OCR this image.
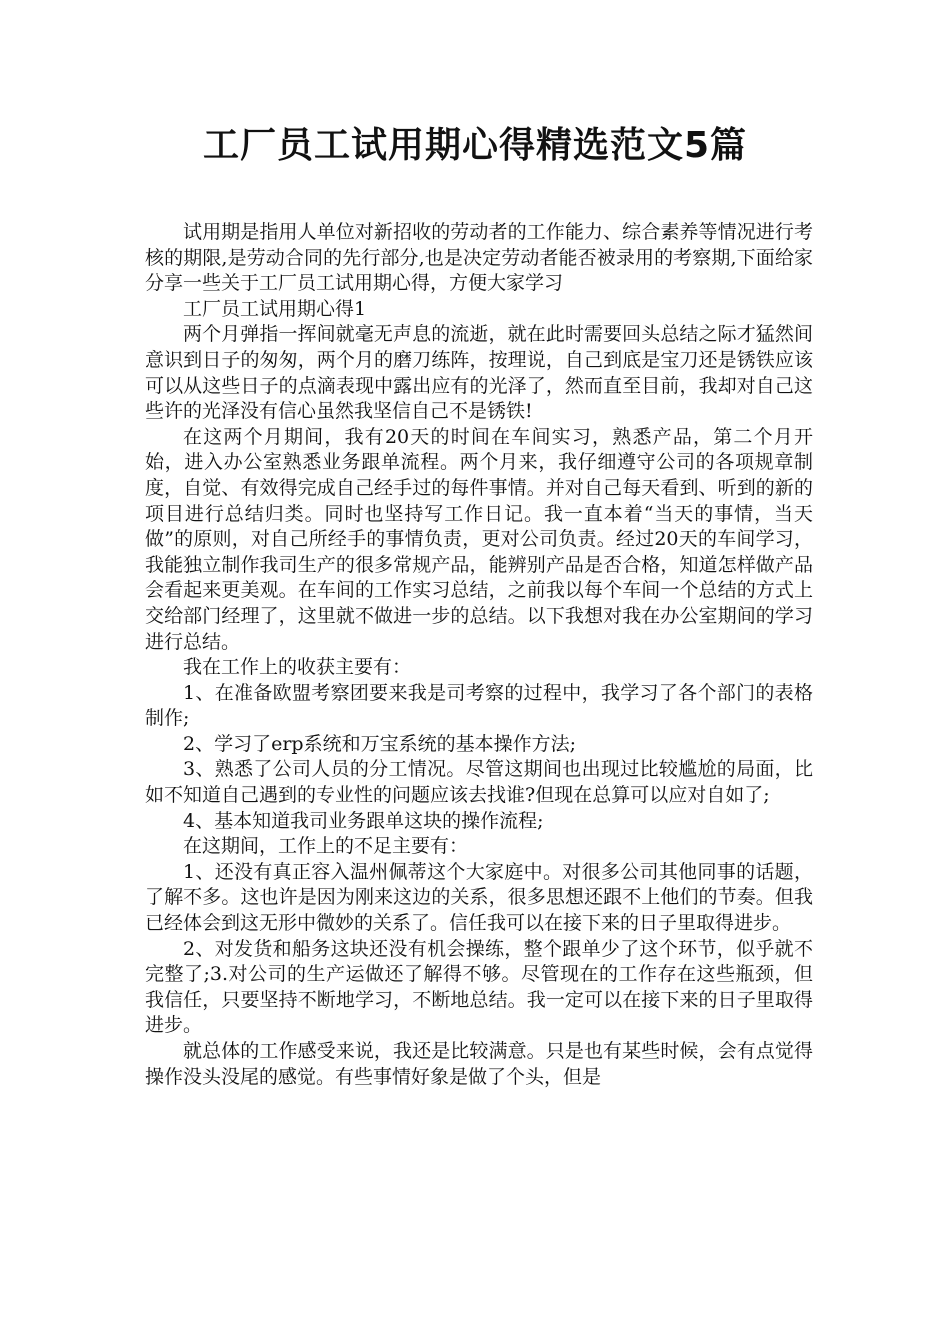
工厂员工试用期心得精选范文5篇

试用期是指用人单位对新招收的劳动者的工作能力、综合素养等情况进行考核的期限,是劳动合同的先行部分,也是决定劳动者能否被录用的考察期,下面给家分享一些关于工厂员工试用期心得，方便大家学习

工厂员工试用期心得1

两个月弹指一挥间就毫无声息的流逝，就在此时需要回头总结之际才猛然间意识到日子的匆匆，两个月的磨刀练阵，按理说，自己到底是宝刀还是锈铁应该可以从这些日子的点滴表现中露出应有的光泽了，然而直至目前，我却对自己这些许的光泽没有信心虽然我坚信自己不是锈铁!

在这两个月期间，我有20天的时间在车间实习，熟悉产品，第二个月开始，进入办公室熟悉业务跟单流程。两个月来，我仔细遵守公司的各项规章制度，自觉、有效得完成自己经手过的每件事情。并对自己每天看到、听到的新的项目进行总结归类。同时也坚持写工作日记。我一直本着“当天的事情，当天做”的原则，对自己所经手的事情负责，更对公司负责。经过20天的车间学习，我能独立制作我司生产的很多常规产品，能辨别产品是否合格，知道怎样做产品会看起来更美观。在车间的工作实习总结，之前我以每个车间一个总结的方式上交给部门经理了，这里就不做进一步的总结。以下我想对我在办公室期间的学习进行总结。

我在工作上的收获主要有：

1、在准备欧盟考察团要来我是司考察的过程中，我学习了各个部门的表格制作;

2、学习了erp系统和万宝系统的基本操作方法;

3、熟悉了公司人员的分工情况。尽管这期间也出现过比较尴尬的局面，比如不知道自己遇到的专业性的问题应该去找谁?但现在总算可以应对自如了;

4、基本知道我司业务跟单这块的操作流程;

在这期间，工作上的不足主要有：

1、还没有真正容入温州佩蒂这个大家庭中。对很多公司其他同事的话题，了解不多。这也许是因为刚来这边的关系，很多思想还跟不上他们的节奏。但我已经体会到这无形中微妙的关系了。信任我可以在接下来的日子里取得进步。

2、对发货和船务这块还没有机会操练，整个跟单少了这个环节，似乎就不完整了;3.对公司的生产运做还了解得不够。尽管现在的工作存在这些瓶颈，但我信任，只要坚持不断地学习，不断地总结。我一定可以在接下来的日子里取得进步。

就总体的工作感受来说，我还是比较满意。只是也有某些时候，会有点觉得操作没头没尾的感觉。有些事情好象是做了个头，但是
